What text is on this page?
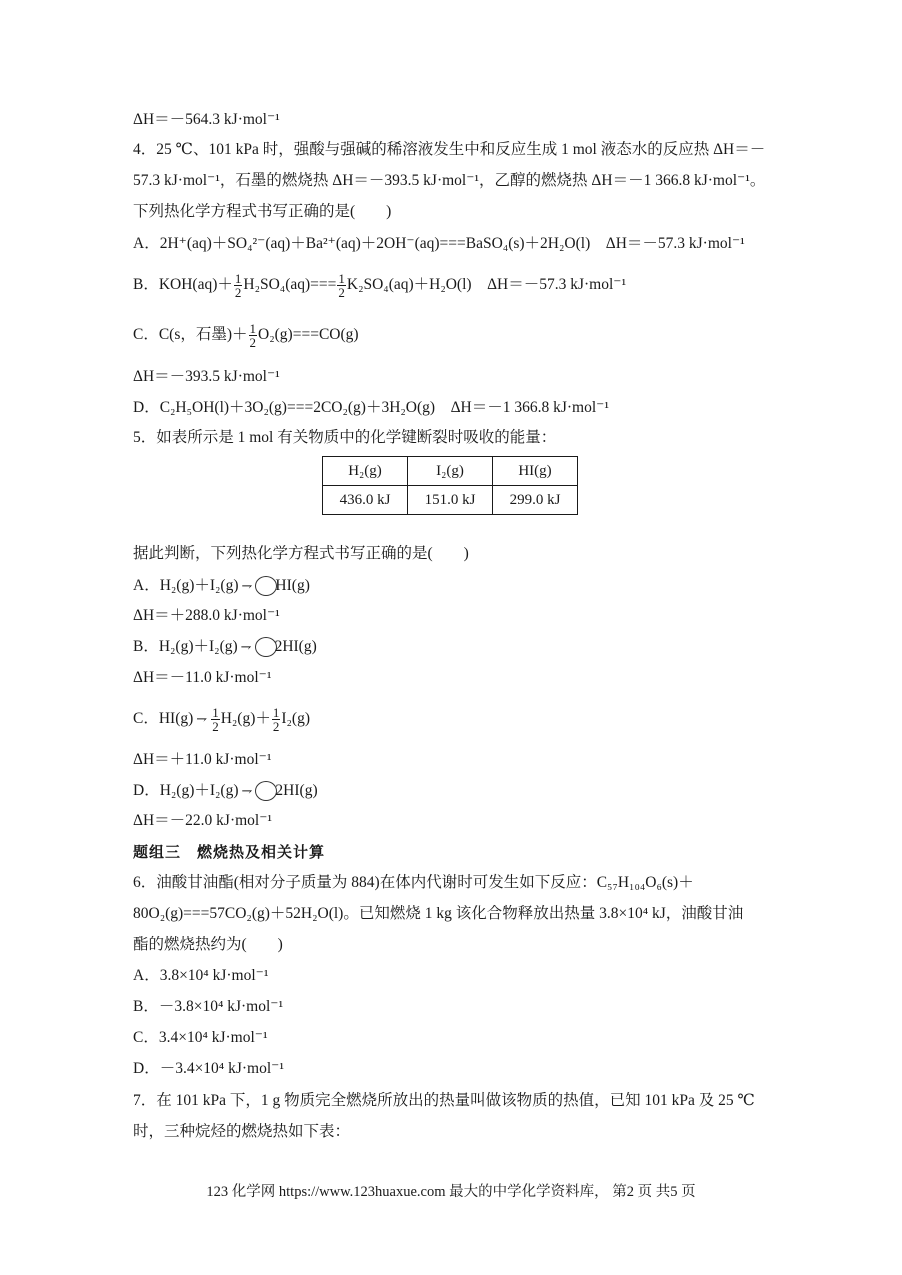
ΔH＝－564.3 kJ·mol⁻¹
4．25 ℃、101 kPa 时，强酸与强碱的稀溶液发生中和反应生成 1 mol 液态水的反应热 ΔH＝－
57.3 kJ·mol⁻¹，石墨的燃烧热 ΔH＝－393.5 kJ·mol⁻¹，乙醇的燃烧热 ΔH＝－1 366.8 kJ·mol⁻¹。
下列热化学方程式书写正确的是(　　)
A．2H⁺(aq)＋SO₄²⁻(aq)＋Ba²⁺(aq)＋2OH⁻(aq)===BaSO₄(s)＋2H₂O(l)　ΔH＝－57.3 kJ·mol⁻¹
B．$KOH(aq)+ \frac{1}{2} H_2SO_4(aq)=== \frac{1}{2} K_2SO_4(aq)+H_2O(l)$　ΔH＝－57.3 kJ·mol⁻¹
C．C(s，石墨)＋ $\frac{1}{2} O_2(g)===CO(g)$
ΔH＝－393.5 kJ·mol⁻¹
D．C₂H₅OH(l)＋3O₂(g)===2CO₂(g)＋3H₂O(g)　ΔH＝－1 366.8 kJ·mol⁻¹
5．如表所示是 1 mol 有关物质中的化学键断裂时吸收的能量：
H₂(g)	I₂(g)	HI(g)
436.0 kJ	151.0 kJ	299.0 kJ
据此判断，下列热化学方程式书写正确的是(　　)
A．H₂(g)＋I₂(g) ⇁ HI(g)
ΔH＝＋288.0 kJ·mol⁻¹
B．H₂(g)＋I₂(g) ⇁ 2HI(g)
ΔH＝－11.0 kJ·mol⁻¹
C．HI(g) ⇁ $\frac{1}{2} H_2(g)+ \frac{1}{2} I_2(g)$
ΔH＝＋11.0 kJ·mol⁻¹
D．H₂(g)＋I₂(g) ⇁ 2HI(g)
ΔH＝－22.0 kJ·mol⁻¹
题组三　燃烧热及相关计算
6．油酸甘油酯(相对分子质量为 884)在体内代谢时可发生如下反应：C₅₇H₁₀₄O₆(s)＋
80O₂(g)===57CO₂(g)＋52H₂O(l)。已知燃烧 1 kg 该化合物释放出热量 3.8×10⁴ kJ，油酸甘油
酯的燃烧热约为(　　)
A．3.8×10⁴ kJ·mol⁻¹
B．－3.8×10⁴ kJ·mol⁻¹
C．3.4×10⁴ kJ·mol⁻¹
D．－3.4×10⁴ kJ·mol⁻¹
7．在 101 kPa 下，1 g 物质完全燃烧所放出的热量叫做该物质的热值，已知 101 kPa 及 25 ℃
时，三种烷烃的燃烧热如下表：
123 化学网 https://www.123huaxue.com 最大的中学化学资料库， 第2 页 共5 页
